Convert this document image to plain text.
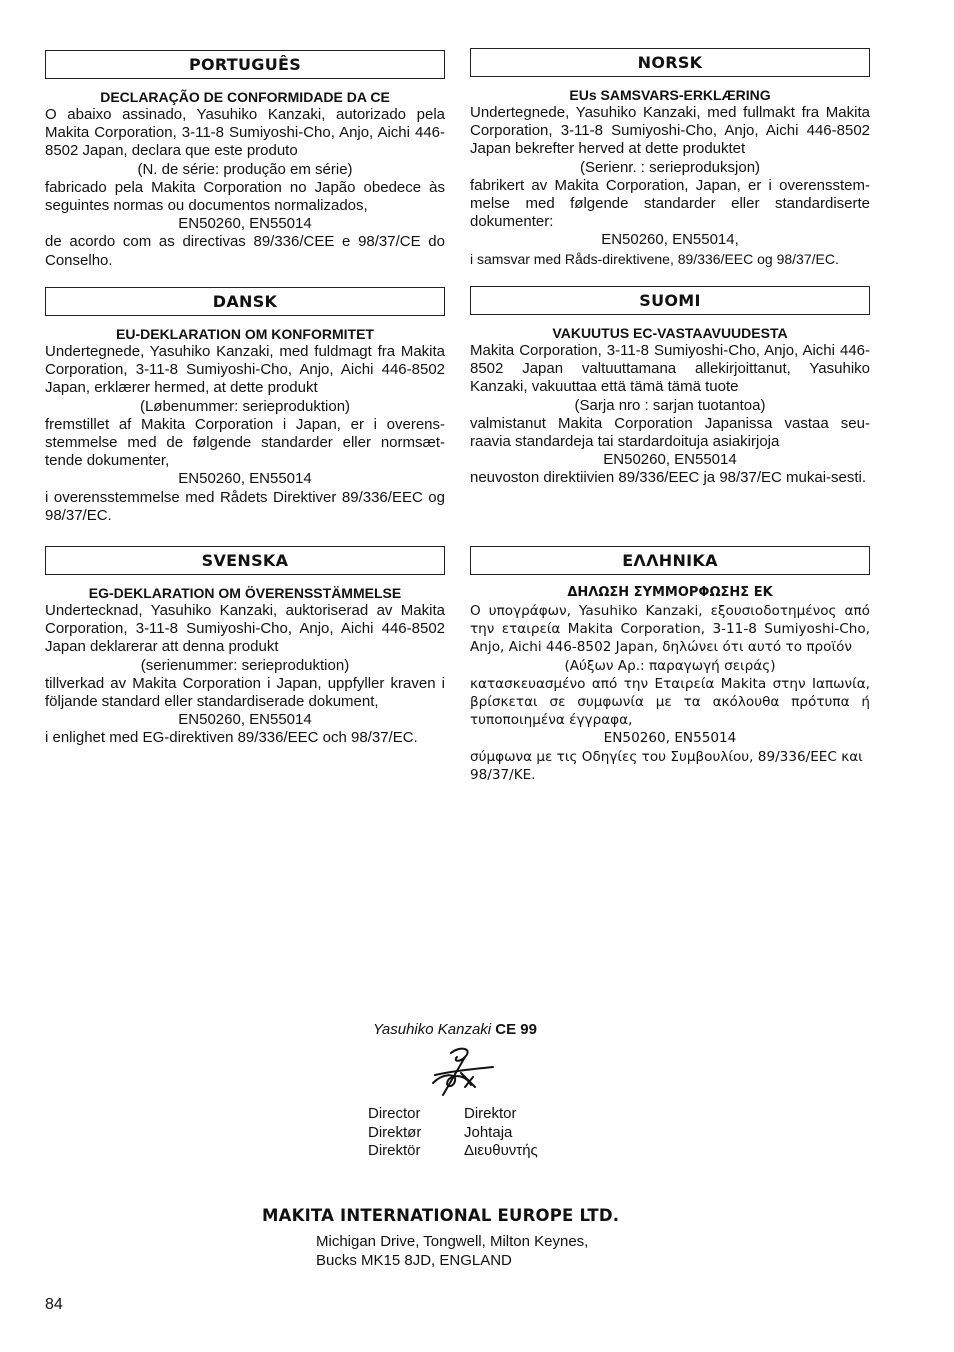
PORTUGUÊS
DECLARAÇÃO DE CONFORMIDADE DA CE
O abaixo assinado, Yasuhiko Kanzaki, autorizado pela Makita Corporation, 3-11-8 Sumiyoshi-Cho, Anjo, Aichi 446-8502 Japan, declara que este produto
(N. de série: produção em série)
fabricado pela Makita Corporation no Japão obedece às seguintes normas ou documentos normalizados,
EN50260, EN55014
de acordo com as directivas 89/336/CEE e 98/37/CE do Conselho.
NORSK
EUs SAMSVARS-ERKLÆRING
Undertegnede, Yasuhiko Kanzaki, med fullmakt fra Makita Corporation, 3-11-8 Sumiyoshi-Cho, Anjo, Aichi 446-8502 Japan bekrefter herved at dette produktet
(Serienr. : serieproduksjon)
fabrikert av Makita Corporation, Japan, er i overensstem-melse med følgende standarder eller standardiserte dokumenter:
EN50260, EN55014,
i samsvar med Råds-direktivene, 89/336/EEC og 98/37/EC.
DANSK
EU-DEKLARATION OM KONFORMITET
Undertegnede, Yasuhiko Kanzaki, med fuldmagt fra Makita Corporation, 3-11-8 Sumiyoshi-Cho, Anjo, Aichi 446-8502 Japan, erklærer hermed, at dette produkt
(Løbenummer: serieproduktion)
fremstillet af Makita Corporation i Japan, er i overens-stemmelse med de følgende standarder eller normsæt-tende dokumenter,
EN50260, EN55014
i overensstemmelse med Rådets Direktiver 89/336/EEC og 98/37/EC.
SUOMI
VAKUUTUS EC-VASTAAVUUDESTA
Makita Corporation, 3-11-8 Sumiyoshi-Cho, Anjo, Aichi 446-8502 Japan valtuuttamana allekirjoittanut, Yasuhiko Kanzaki, vakuuttaa että tämä tämä tuote
(Sarja nro : sarjan tuotantoa)
valmistanut Makita Corporation Japanissa vastaa seu-raavia standardeja tai stardardoituja asiakirjoja
EN50260, EN55014
neuvoston direktiivien 89/336/EEC ja 98/37/EC mukai-sesti.
SVENSKA
EG-DEKLARATION OM ÖVERENSSTÄMMELSE
Undertecknad, Yasuhiko Kanzaki, auktoriserad av Makita Corporation, 3-11-8 Sumiyoshi-Cho, Anjo, Aichi 446-8502 Japan deklarerar att denna produkt
(serienummer: serieproduktion)
tillverkad av Makita Corporation i Japan, uppfyller kraven i följande standard eller standardiserade dokument,
EN50260, EN55014
i enlighet med EG-direktiven 89/336/EEC och 98/37/EC.
ΕΛΛΗΝΙΚΑ
ΔΗΛΩΣΗ ΣΥΜΜΟΡΦΩΣΗΣ ΕΚ
Ο υπογράφων, Yasuhiko Kanzaki, εξουσιοδοτημένος από την εταιρεία Makita Corporation, 3-11-8 Sumiyoshi-Cho, Anjo, Aichi 446-8502 Japan, δηλώνει ότι αυτό το προϊόν
(Αύξων Αρ.: παραγωγή σειράς)
κατασκευασμένο από την Εταιρεία Makita στην Ιαπωνία, βρίσκεται σε συμφωνία με τα ακόλουθα πρότυπα ή τυποποιημένα έγγραφα,
EN50260, EN55014
σύμφωνα με τις Οδηγίες του Συμβουλίου, 89/336/EEC και 98/37/ΚΕ.
Yasuhiko Kanzaki CE 99
Director	Direktor
Direktør	Johtaja
Direktör	Διευθυντής
MAKITA INTERNATIONAL EUROPE LTD.
Michigan Drive, Tongwell, Milton Keynes,
Bucks MK15 8JD, ENGLAND
84
